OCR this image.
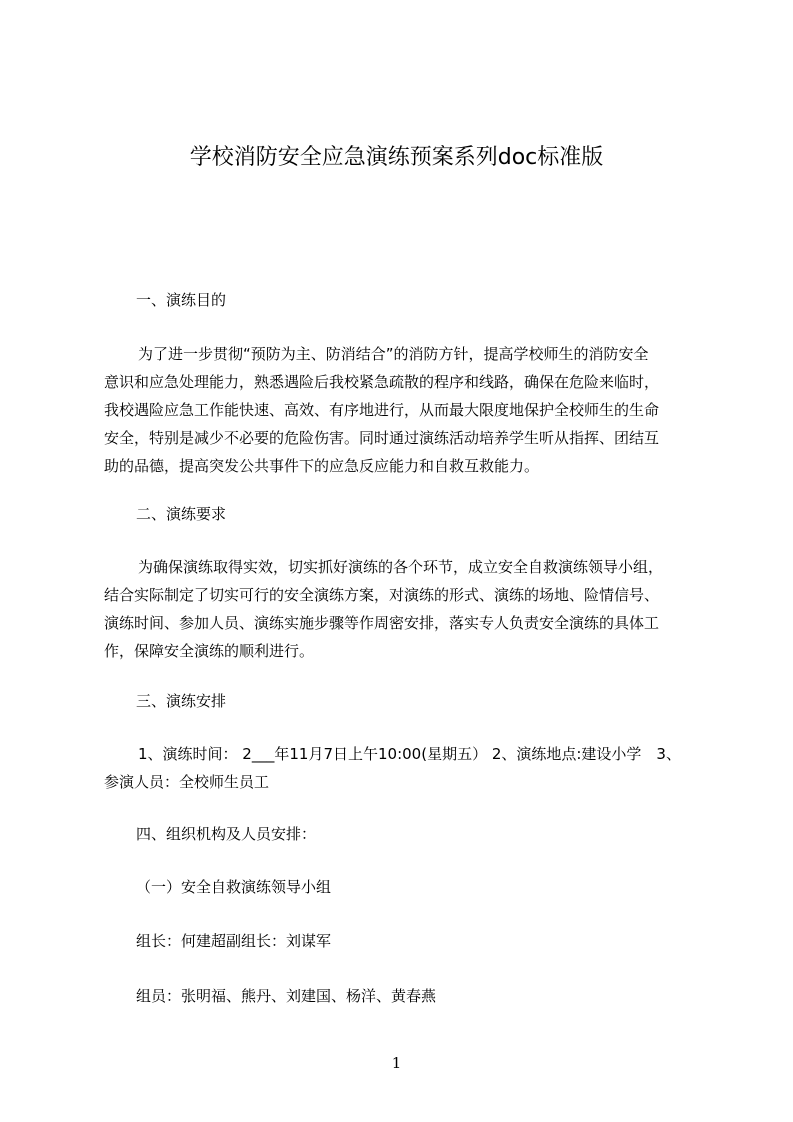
学校消防安全应急演练预案系列doc标准版
一、演练目的
为了进一步贯彻“预防为主、防消结合”的消防方针，提高学校师生的消防安全
意识和应急处理能力，熟悉遇险后我校紧急疏散的程序和线路，确保在危险来临时，
我校遇险应急工作能快速、高效、有序地进行，从而最大限度地保护全校师生的生命
安全，特别是减少不必要的危险伤害。同时通过演练活动培养学生听从指挥、团结互
助的品德，提高突发公共事件下的应急反应能力和自救互救能力。
二、演练要求
为确保演练取得实效，切实抓好演练的各个环节，成立安全自救演练领导小组，
结合实际制定了切实可行的安全演练方案，对演练的形式、演练的场地、险情信号、
演练时间、参加人员、演练实施步骤等作周密安排，落实专人负责安全演练的具体工
作，保障安全演练的顺利进行。
三、演练安排
1、演练时间： 2___年11月7日上午10:00(星期五） 2、演练地点:建设小学　3、
参演人员：全校师生员工
四、组织机构及人员安排：
（一）安全自救演练领导小组
组长：何建超副组长：刘谋军
组员：张明福、熊丹、刘建国、杨洋、黄春燕
1
